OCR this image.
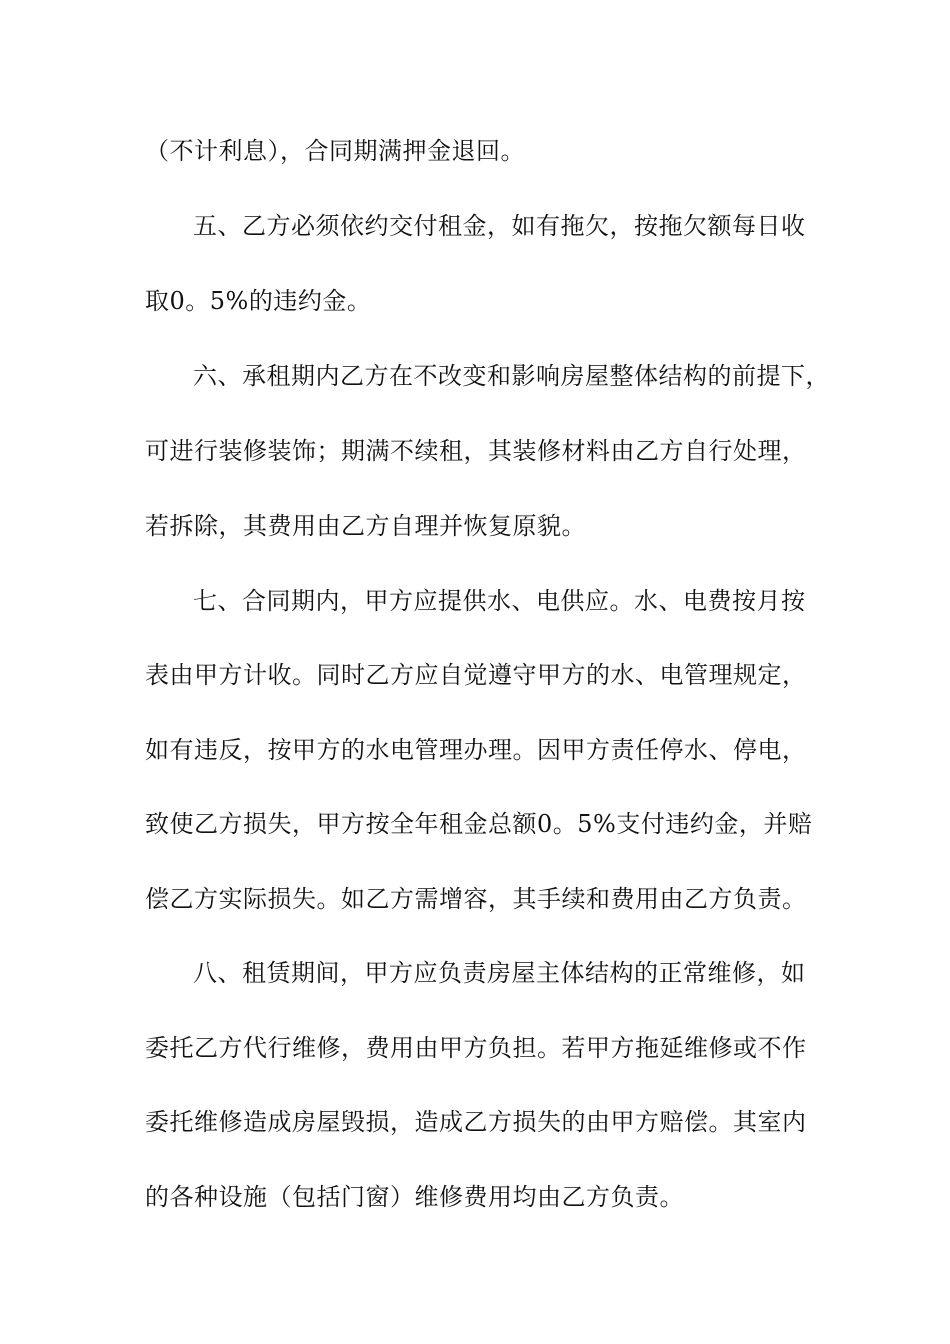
（不计利息），合同期满押金退回。

五、乙方必须依约交付租金，如有拖欠，按拖欠额每日收

取0。5%的违约金。

六、承租期内乙方在不改变和影响房屋整体结构的前提下，

可进行装修装饰；期满不续租，其装修材料由乙方自行处理，

若拆除，其费用由乙方自理并恢复原貌。

七、合同期内，甲方应提供水、电供应。水、电费按月按

表由甲方计收。同时乙方应自觉遵守甲方的水、电管理规定，

如有违反，按甲方的水电管理办理。因甲方责任停水、停电，

致使乙方损失，甲方按全年租金总额0。5%支付违约金，并赔

偿乙方实际损失。如乙方需增容，其手续和费用由乙方负责。

八、租赁期间，甲方应负责房屋主体结构的正常维修，如

委托乙方代行维修，费用由甲方负担。若甲方拖延维修或不作

委托维修造成房屋毁损，造成乙方损失的由甲方赔偿。其室内

的各种设施（包括门窗）维修费用均由乙方负责。
